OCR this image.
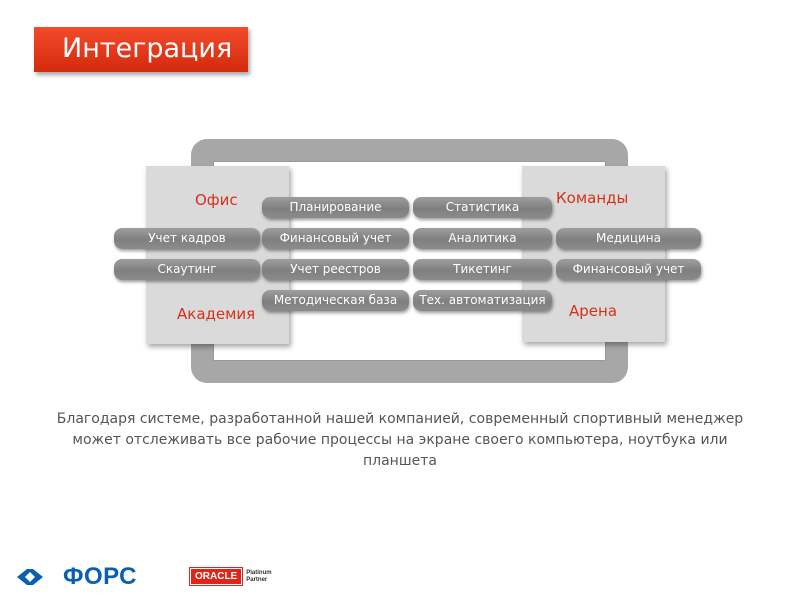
Интеграция
Офис	Команды
Академия	Арена
Планирование	Статистика
Учет кадров	Финансовый учет	Аналитика	Медицина
Скаутинг	Учет реестров	Тикетинг	Финансовый учет
Методическая база	Тех. автоматизация
Благодаря системе, разработанной нашей компанией, современный спортивный менеджер может отслеживать все рабочие процессы на экране своего компьютера, ноутбука или планшета
ФОРС	ORACLE	Platinum
Partner
